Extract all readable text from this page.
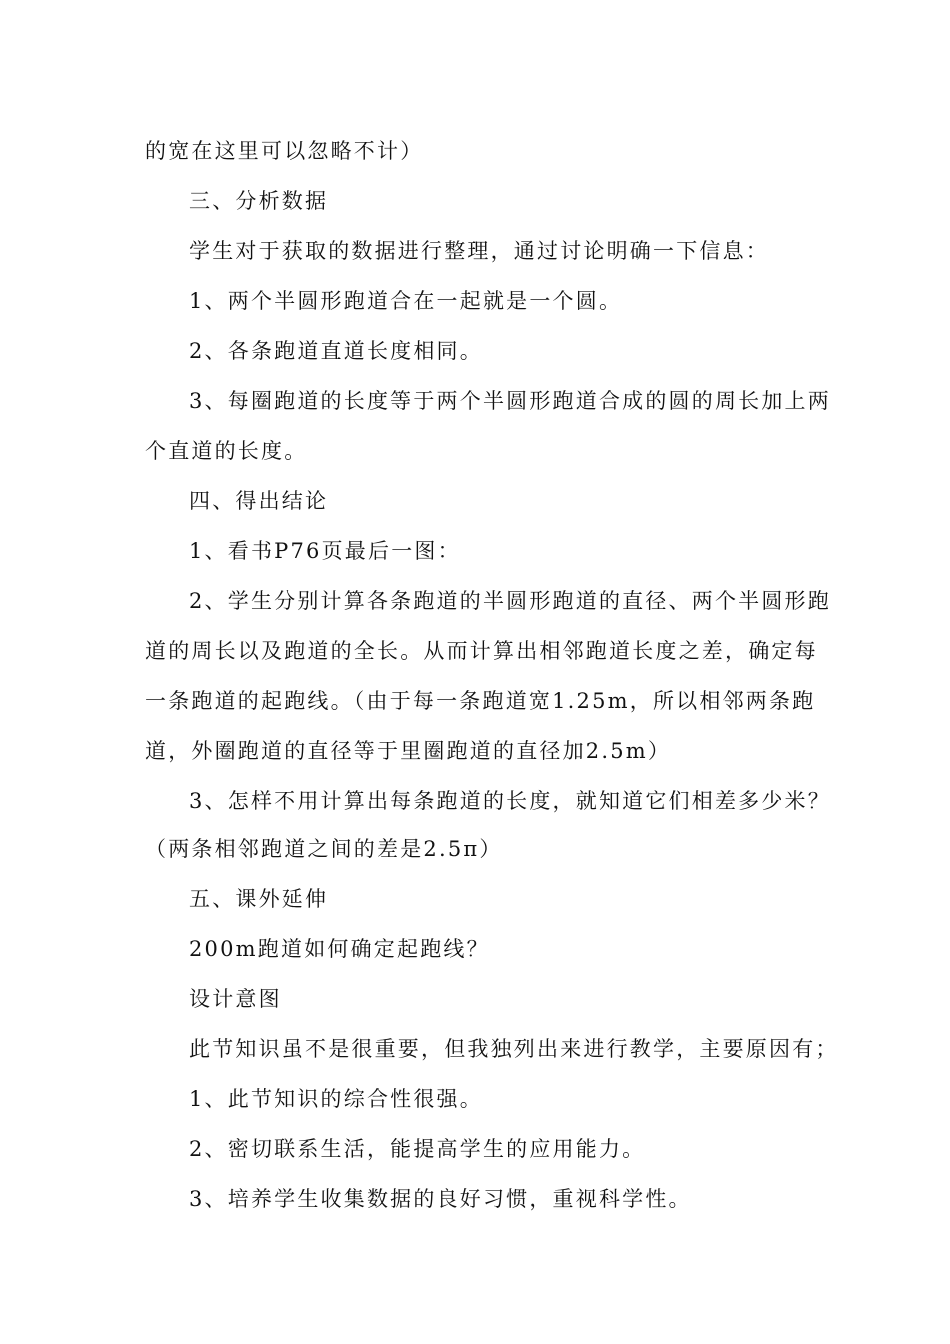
的宽在这里可以忽略不计）
三、分析数据
学生对于获取的数据进行整理，通过讨论明确一下信息：
1、两个半圆形跑道合在一起就是一个圆。
2、各条跑道直道长度相同。
3、每圈跑道的长度等于两个半圆形跑道合成的圆的周长加上两
个直道的长度。
四、得出结论
1、看书P76页最后一图：
2、学生分别计算各条跑道的半圆形跑道的直径、两个半圆形跑
道的周长以及跑道的全长。从而计算出相邻跑道长度之差，确定每
一条跑道的起跑线。（由于每一条跑道宽1.25m，所以相邻两条跑
道，外圈跑道的直径等于里圈跑道的直径加2.5m）
3、怎样不用计算出每条跑道的长度，就知道它们相差多少米？
（两条相邻跑道之间的差是2.5π）
五、课外延伸
200m跑道如何确定起跑线？
设计意图
此节知识虽不是很重要，但我独列出来进行教学，主要原因有；
1、此节知识的综合性很强。
2、密切联系生活，能提高学生的应用能力。
3、培养学生收集数据的良好习惯，重视科学性。
